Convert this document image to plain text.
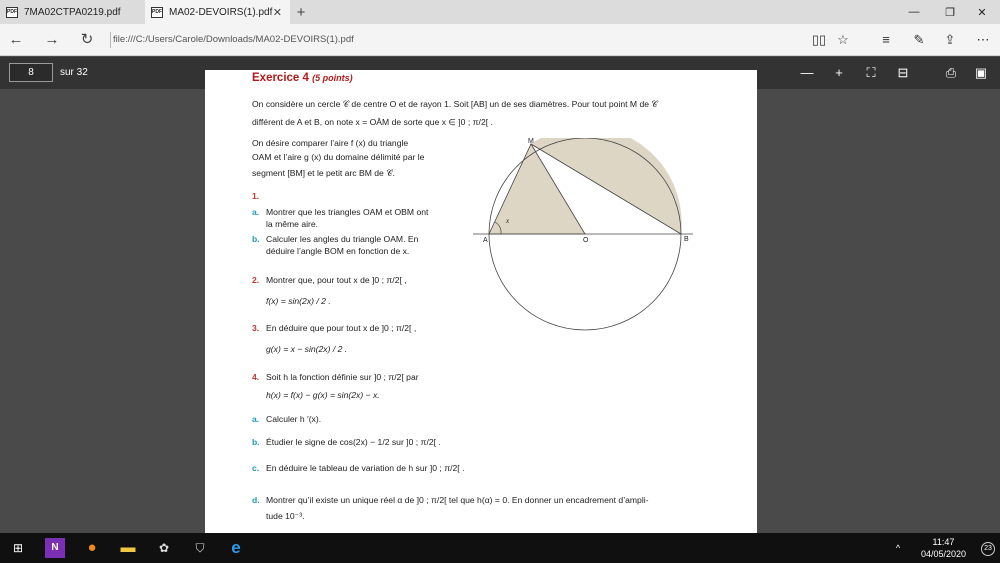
PDF 7MA02CTPA0219.pdf	PDF MA02-DEVOIRS(1).pdf ✕ +	—	❐	✕
← → ↻	file:///C:/Users/Carole/Downloads/MA02-DEVOIRS(1).pdf	▯▯ ☆	≡	✎ ⇪ ⋯
8	sur 32	—	+	⛶	⊟	⎙	▣
Exercice 4 (5 points)
On considère un cercle 𝒞 de centre O et de rayon 1. Soit [AB] un de ses diamètres. Pour tout point M de 𝒞
différent de A et B, on note x = OÂM de sorte que x ∈ ]0 ; π/2[ .
On désire comparer l’aire f (x) du triangle
OAM et l’aire g (x) du domaine délimité par le
segment [BM] et le petit arc BM de 𝒞.
1.
a. Montrer que les triangles OAM et OBM ont
la même aire.
b. Calculer les angles du triangle OAM. En
déduire l’angle BOM en fonction de x.
2. Montrer que, pour tout x de ]0 ; π/2[ ,
f(x) = sin(2x) / 2 .
3. En déduire que pour tout x de ]0 ; π/2[ ,
g(x) = x − sin(2x) / 2 .
4. Soit h la fonction définie sur ]0 ; π/2[ par
h(x) = f(x) − g(x) = sin(2x) − x.
a. Calculer h ′(x).
b. Étudier le signe de cos(2x) − 1/2 sur ]0 ; π/2[ .
c. En déduire le tableau de variation de h sur ]0 ; π/2[ .
d. Montrer qu’il existe un unique réel α de ]0 ; π/2[ tel que h(α) = 0. En donner un encadrement d’ampli-
tude 10⁻³.
M
A	O	B
x
⊞	N	●	▬	✿	⛉	e	^
11:47
04/05/2020
23
